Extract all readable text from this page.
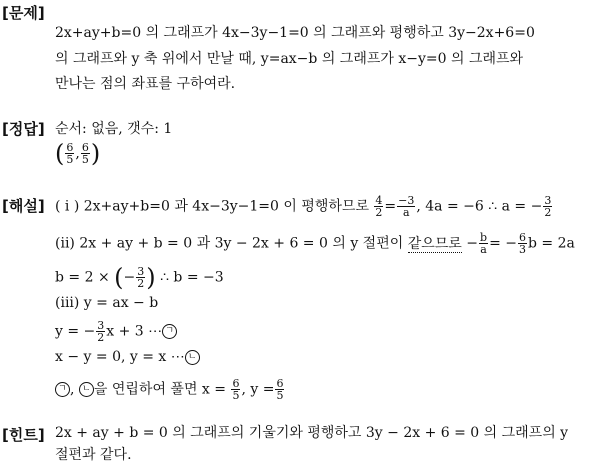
[문제]
2x+ay+b=0 의 그래프가 4x−3y−1=0 의 그래프와 평행하고 3y−2x+6=0
의 그래프와 y 축 위에서 만날 때, y=ax−b 의 그래프가 x−y=0 의 그래프와
만나는 점의 좌표를 구하여라.
[정답] 순서: 없음, 갯수: 1
( $\frac{6}{5}$ , $\frac{6}{5}$ )
[해설] ( i ) 2x+ay+b=0 과 4x−3y−1=0 이 평행하므로 $\frac{4}{2} = \frac{-3}{a}$ , 4a = −6 ∴ a = − $\frac{3}{2}$
(ii) 2x + ay + b = 0 과 3y − 2x + 6 = 0 의 y 절편이 같으므로 − $\frac{b}{a}$ = − $\frac{6}{3}$ b = 2a
b = 2 × (− $\frac{3}{2}$ ) ∴ b = −3
(iii) y = ax − b
y = − $\frac{3}{2}$ x + 3 ⋯ ㄱ
x − y = 0, y = x ⋯ ㄴ
ㄱ , ㄴ 을 연립하여 풀면 $x = \frac{6}{5}$ , $y = \frac{6}{5}$
[힌트] 2x + ay + b = 0 의 그래프의 기울기와 평행하고 3y − 2x + 6 = 0 의 그래프의 y
절편과 같다.
